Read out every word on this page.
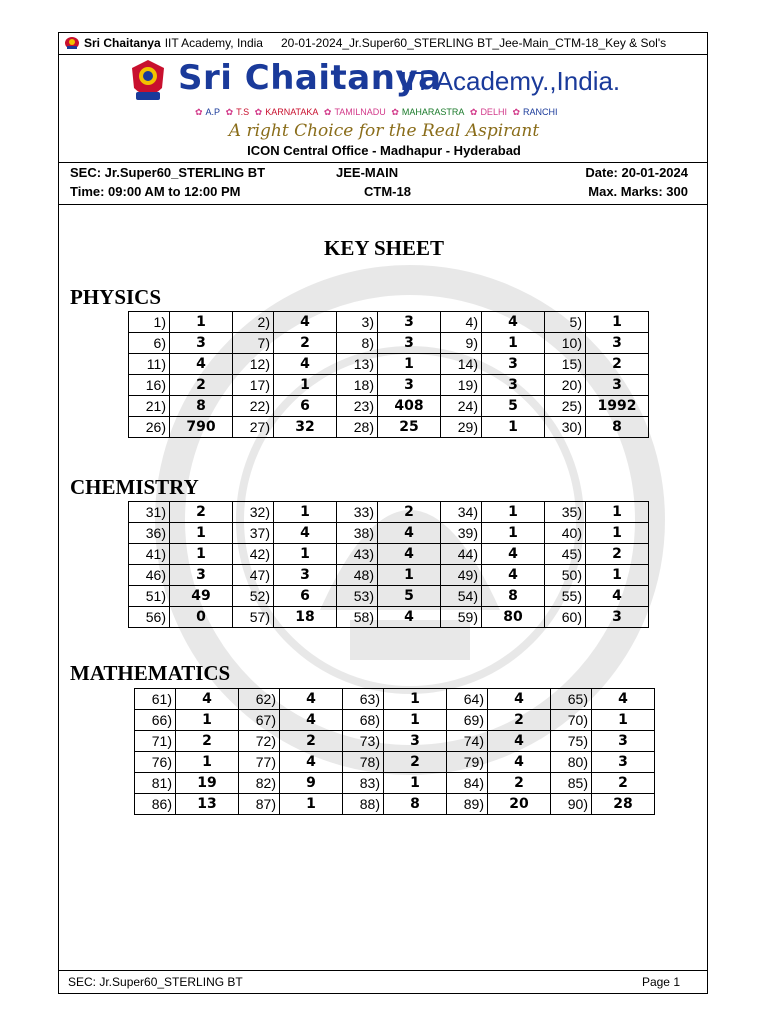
Sri Chaitanya IIT Academy, India 20-01-2024_Jr.Super60_STERLING BT_Jee-Main_CTM-18_Key & Sol's
Sri Chaitanya
IIT Academy.,India.
✿ A.P ✿ T.S ✿ KARNATAKA ✿ TAMILNADU ✿ MAHARASTRA ✿ DELHI ✿ RANCHI
A right Choice for the Real Aspirant
ICON Central Office - Madhapur - Hyderabad
SEC: Jr.Super60_STERLING BT	JEE-MAIN	Date: 20-01-2024
Time: 09:00 AM to 12:00 PM	CTM-18	Max. Marks: 300
KEY SHEET
PHYSICS
1)	1	2)	4	3)	3	4)	4	5)	1
6)	3	7)	2	8)	3	9)	1	10)	3
11)	4	12)	4	13)	1	14)	3	15)	2
16)	2	17)	1	18)	3	19)	3	20)	3
21)	8	22)	6	23)	408	24)	5	25)	1992
26)	790	27)	32	28)	25	29)	1	30)	8
CHEMISTRY
31)	2	32)	1	33)	2	34)	1	35)	1
36)	1	37)	4	38)	4	39)	1	40)	1
41)	1	42)	1	43)	4	44)	4	45)	2
46)	3	47)	3	48)	1	49)	4	50)	1
51)	49	52)	6	53)	5	54)	8	55)	4
56)	0	57)	18	58)	4	59)	80	60)	3
MATHEMATICS
61)	4	62)	4	63)	1	64)	4	65)	4
66)	1	67)	4	68)	1	69)	2	70)	1
71)	2	72)	2	73)	3	74)	4	75)	3
76)	1	77)	4	78)	2	79)	4	80)	3
81)	19	82)	9	83)	1	84)	2	85)	2
86)	13	87)	1	88)	8	89)	20	90)	28
SEC: Jr.Super60_STERLING BT	Page 1
